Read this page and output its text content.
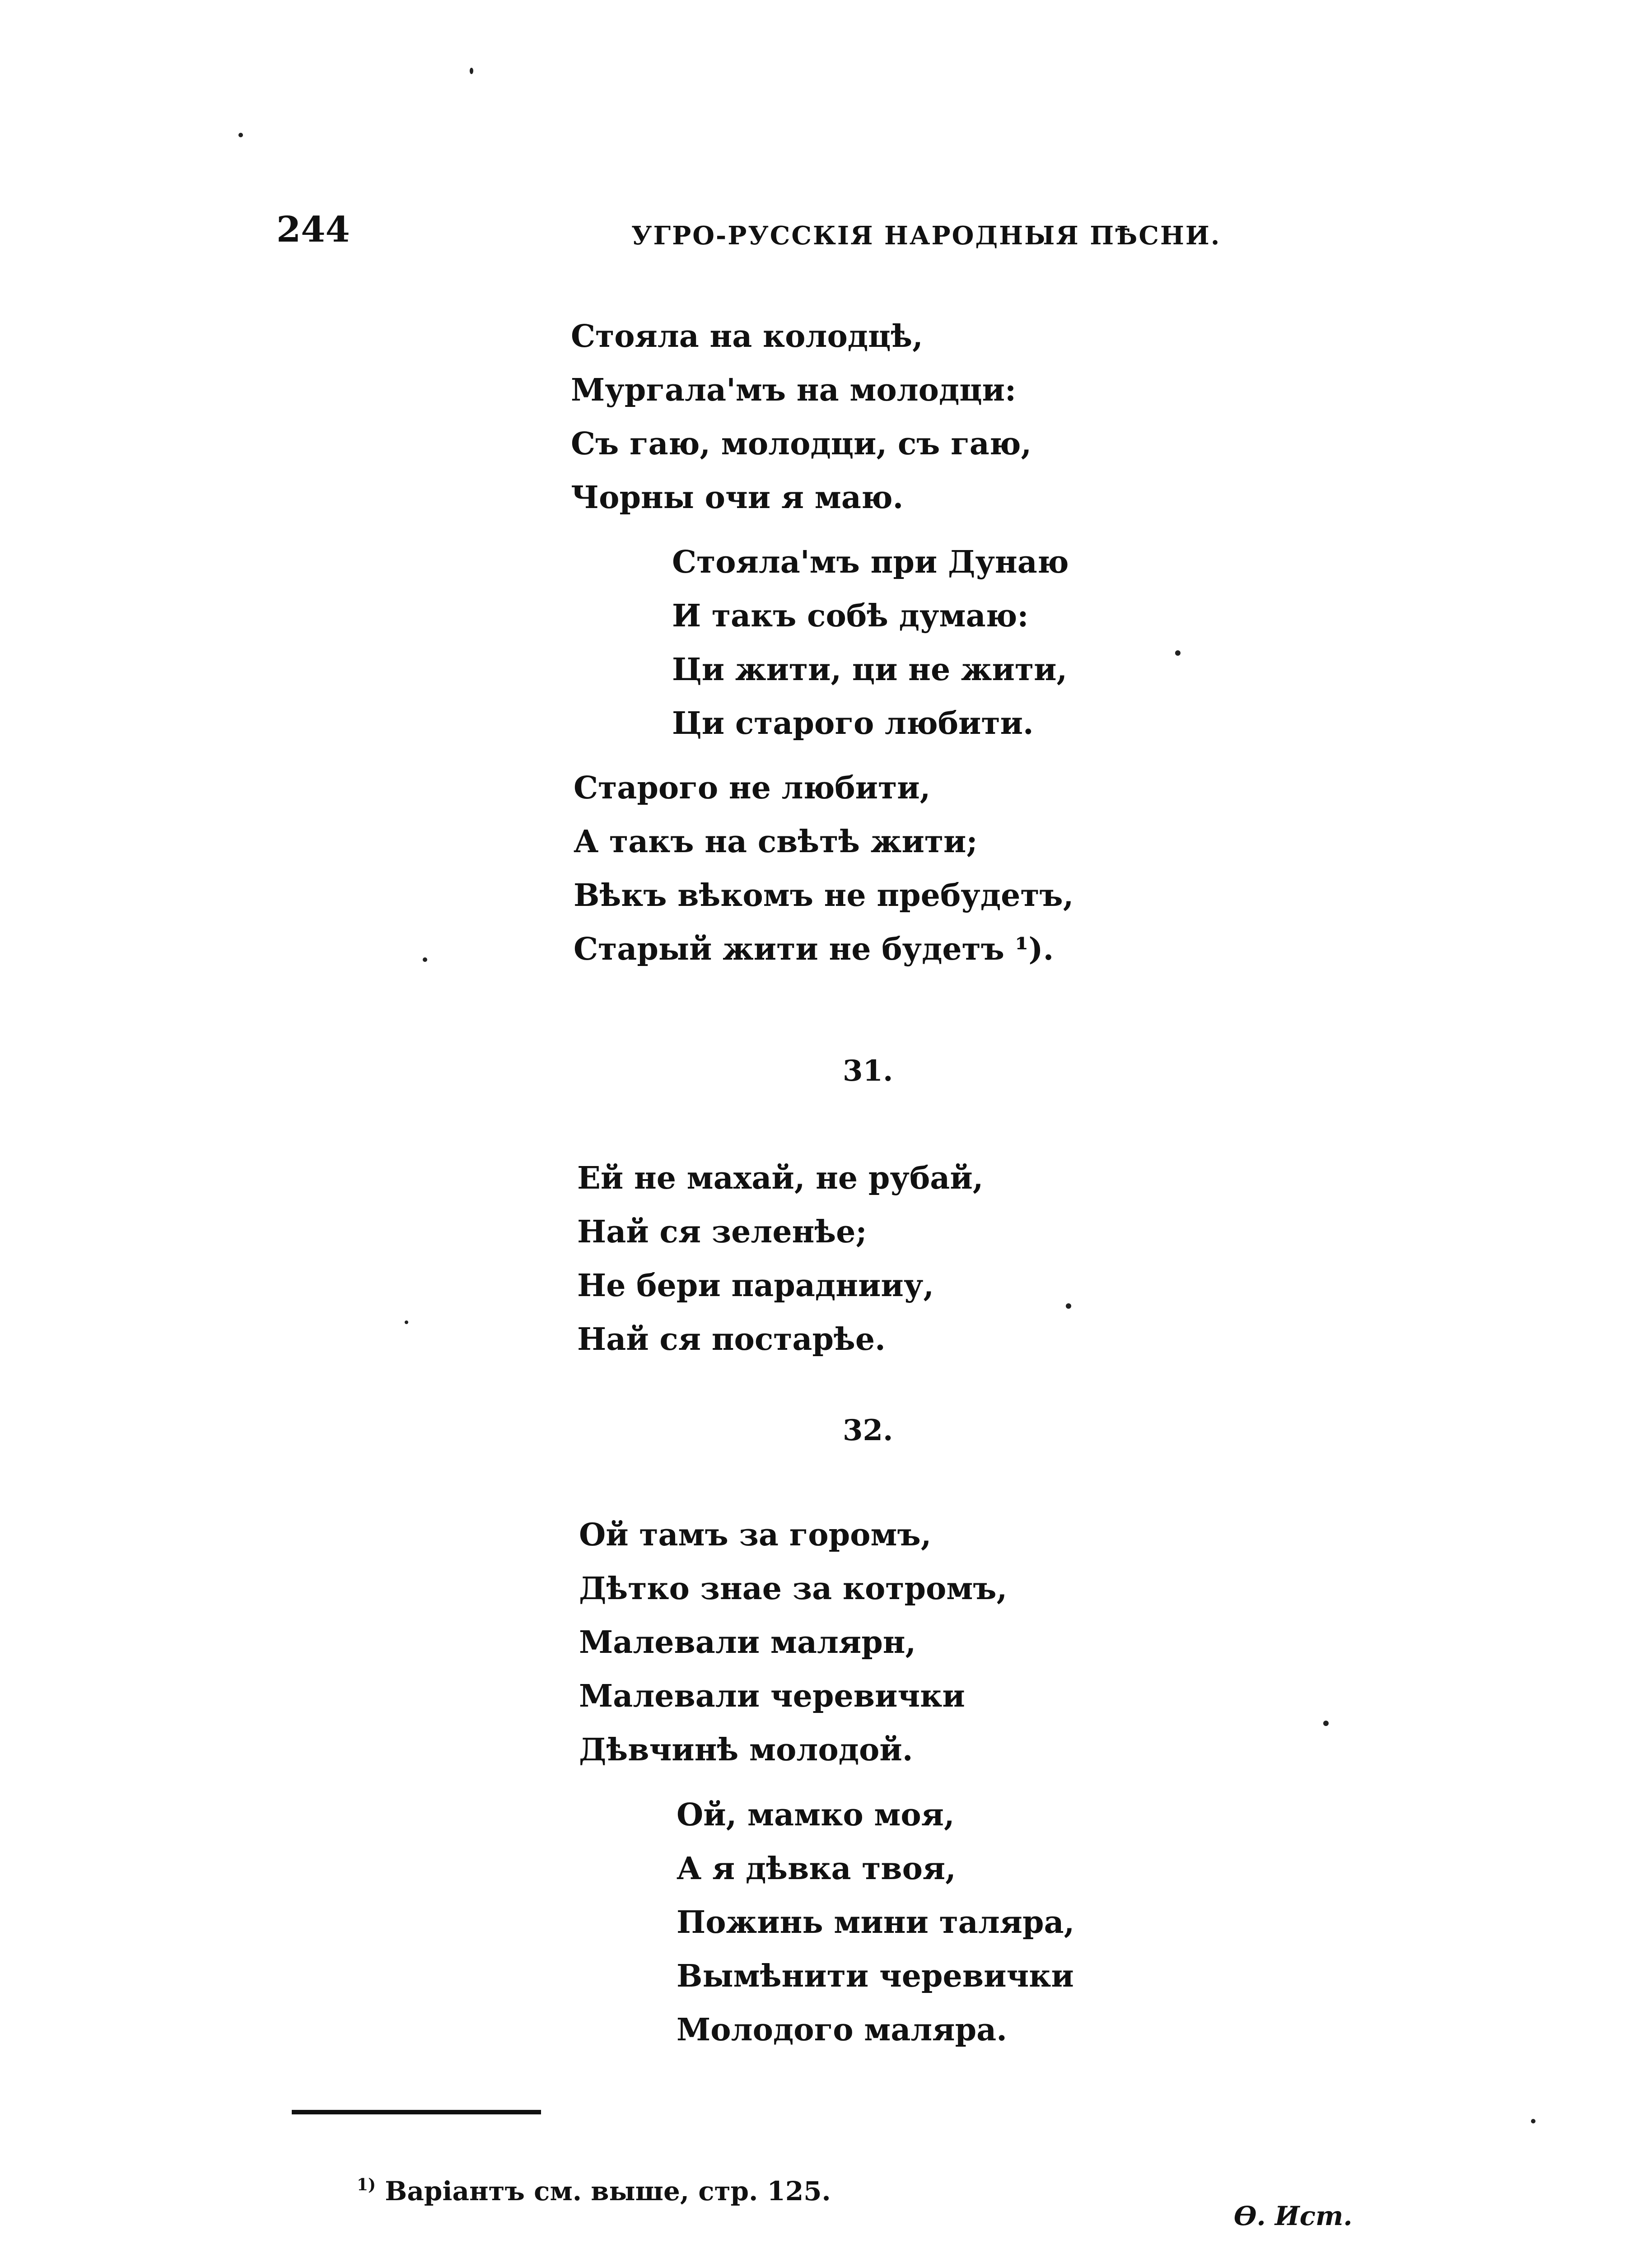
244	УГРО-РУССКІЯ НАРОДНЫЯ ПѢСНИ.
Стояла на колодцѣ,
Мургала'мъ на молодци:
Съ гаю, молодци, съ гаю,
Чорны очи я маю.
Стояла'мъ при Дунаю
И такъ собѣ думаю:
Ци жити, ци не жити,
Ци старого любити.
Старого не любити,
А такъ на свѣтѣ жити;
Вѣкъ вѣкомъ не пребудетъ,
Старый жити не будетъ ¹).
31.
Ей не махай, не рубай,
Най ся зеленѣе;
Не бери параднииу,
Най ся постарѣе.
32.
Ой тамъ за горомъ,
Дѣтко знае за котромъ,
Малевали малярн,
Малевали черевички
Дѣвчинѣ молодой.
Ой, мамко моя,
А я дѣвка твоя,
Пожинь мини таляра,
Вымѣнити черевички
Молодого маляра.
$^{1)}$ Варіантъ см. выше, стр. 125.
Ѳ. Ист.
